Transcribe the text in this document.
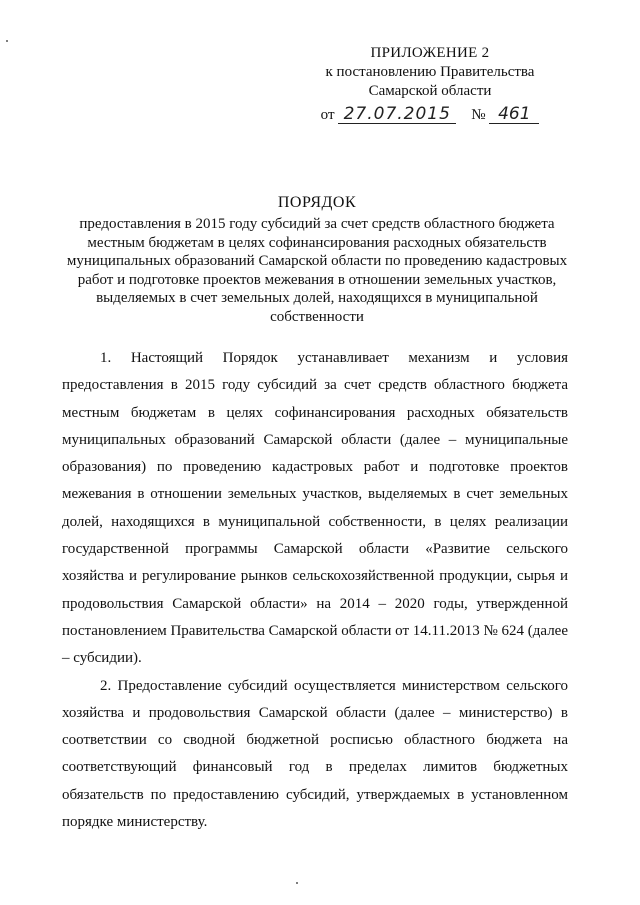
ПРИЛОЖЕНИЕ 2
к постановлению Правительства
Самарской области
от 27.07.2015 № 461
ПОРЯДОК
предоставления в 2015 году субсидий за счет средств областного бюджета местным бюджетам в целях софинансирования расходных обязательств муниципальных образований Самарской области по проведению кадастровых работ и подготовке проектов межевания в отношении земельных участков, выделяемых в счет земельных долей, находящихся в муниципальной собственности

1. Настоящий Порядок устанавливает механизм и условия предоставления в 2015 году субсидий за счет средств областного бюджета местным бюджетам в целях софинансирования расходных обязательств муниципальных образований Самарской области (далее – муниципальные образования) по проведению кадастровых работ и подготовке проектов межевания в отношении земельных участков, выделяемых в счет земельных долей, находящихся в муниципальной собственности, в целях реализации государственной программы Самарской области «Развитие сельского хозяйства и регулирование рынков сельскохозяйственной продукции, сырья и продовольствия Самарской области» на 2014 – 2020 годы, утвержденной постановлением Правительства Самарской области от 14.11.2013 № 624 (далее – субсидии).

2. Предоставление субсидий осуществляется министерством сельского хозяйства и продовольствия Самарской области (далее – министерство) в соответствии со сводной бюджетной росписью областного бюджета на соответствующий финансовый год в пределах лимитов бюджетных обязательств по предоставлению субсидий, утверждаемых в установленном порядке министерству.
